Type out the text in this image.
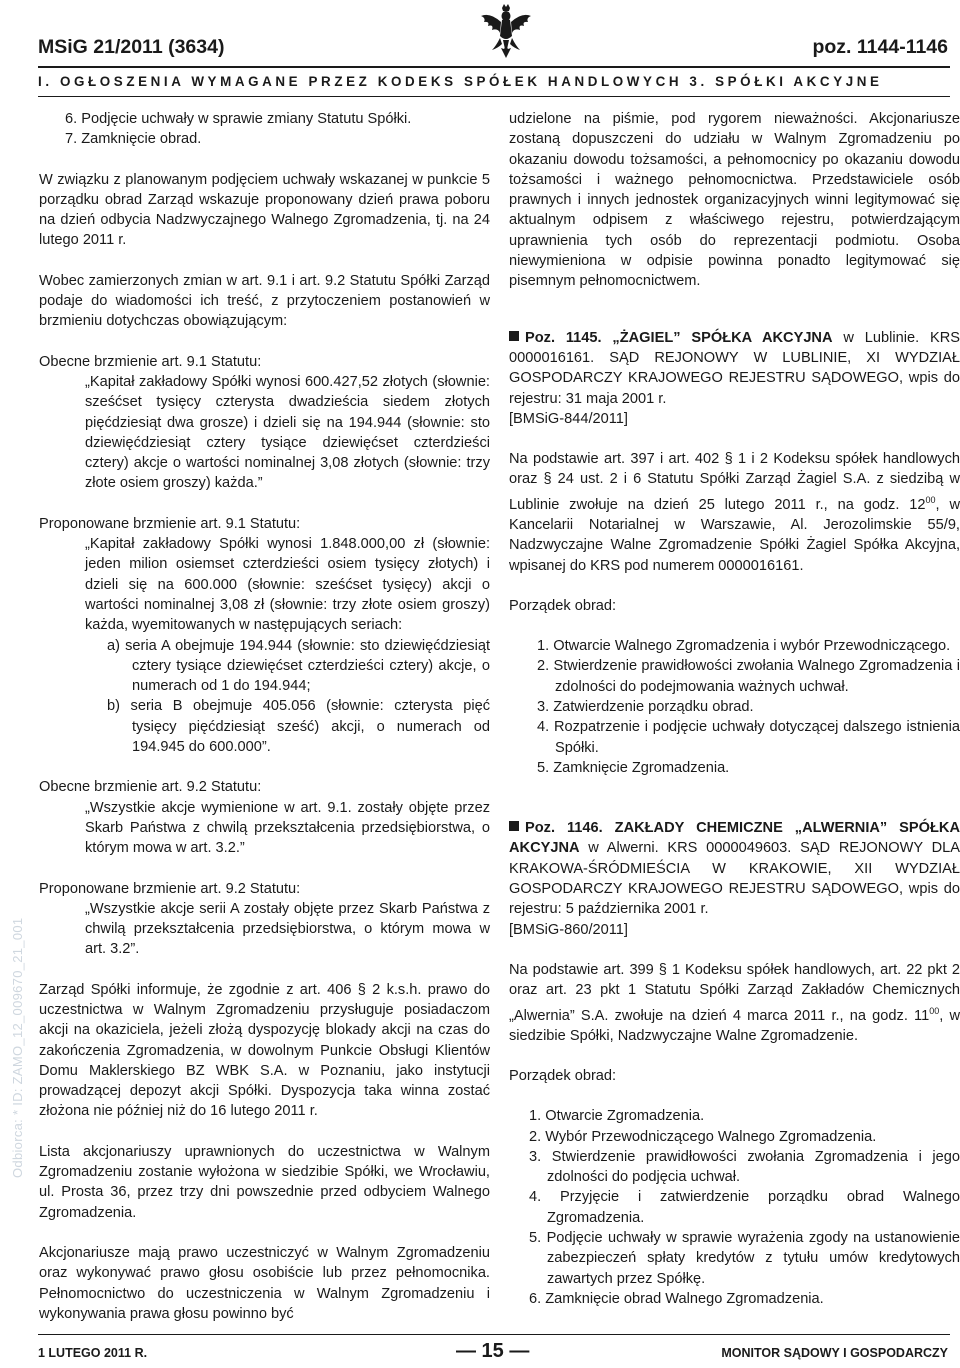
MSiG 21/2011 (3634)	poz. 1144-1146
I. OGŁOSZENIA WYMAGANE PRZEZ KODEKS SPÓŁEK HANDLOWYCH 3. SPÓŁKI AKCYJNE
Odbiorca: * ID: ZAMO_12_009670_21_001

6. Podjęcie uchwały w sprawie zmiany Statutu Spółki.

7. Zamknięcie obrad.

W związku z planowanym podjęciem uchwały wskazanej w punkcie 5 porządku obrad Zarząd wskazuje proponowany dzień prawa poboru na dzień odbycia Nadzwyczajnego Walnego Zgromadzenia, tj. na 24 lutego 2011 r.

Wobec zamierzonych zmian w art. 9.1 i art. 9.2 Statutu Spółki Zarząd podaje do wiadomości ich treść, z przytoczeniem postanowień w brzmieniu dotychczas obowiązującym:

Obecne brzmienie art. 9.1 Statutu:

„Kapitał zakładowy Spółki wynosi 600.427,52 złotych (słownie: sześćset tysięcy czterysta dwadzieścia siedem złotych pięćdziesiąt dwa grosze) i dzieli się na 194.944 (słownie: sto dziewięćdziesiąt cztery tysiące dziewięćset czterdzieści cztery) akcje o wartości nominalnej 3,08 złotych (słownie: trzy złote osiem groszy) każda.”

Proponowane brzmienie art. 9.1 Statutu:

„Kapitał zakładowy Spółki wynosi 1.848.000,00 zł (słownie: jeden milion osiemset czterdzieści osiem tysięcy złotych) i dzieli się na 600.000 (słownie: sześćset tysięcy) akcji o wartości nominalnej 3,08 zł (słownie: trzy złote osiem groszy) każda, wyemitowanych w następujących seriach:

a) seria A obejmuje 194.944 (słownie: sto dziewięćdziesiąt cztery tysiące dziewięćset czterdzieści cztery) akcje, o numerach od 1 do 194.944;

b) seria B obejmuje 405.056 (słownie: czterysta pięć tysięcy pięćdziesiąt sześć) akcji, o numerach od 194.945 do 600.000”.

Obecne brzmienie art. 9.2 Statutu:

„Wszystkie akcje wymienione w art. 9.1. zostały objęte przez Skarb Państwa z chwilą przekształcenia przedsiębiorstwa, o którym mowa w art. 3.2.”

Proponowane brzmienie art. 9.2 Statutu:

„Wszystkie akcje serii A zostały objęte przez Skarb Państwa z chwilą przekształcenia przedsiębiorstwa, o którym mowa w art. 3.2”.

Zarząd Spółki informuje, że zgodnie z art. 406 § 2 k.s.h. prawo do uczestnictwa w Walnym Zgromadzeniu przysługuje posiadaczom akcji na okaziciela, jeżeli złożą dyspozycję blokady akcji na czas do zakończenia Zgromadzenia, w dowolnym Punkcie Obsługi Klientów Domu Maklerskiego BZ WBK S.A. w Poznaniu, jako instytucji prowadzącej depozyt akcji Spółki. Dyspozycja taka winna zostać złożona nie później niż do 16 lutego 2011 r.

Lista akcjonariuszy uprawnionych do uczestnictwa w Walnym Zgromadzeniu zostanie wyłożona w siedzibie Spółki, we Wrocławiu, ul. Prosta 36, przez trzy dni powszednie przed odbyciem Walnego Zgromadzenia.

Akcjonariusze mają prawo uczestniczyć w Walnym Zgromadzeniu oraz wykonywać prawo głosu osobiście lub przez pełnomocnika. Pełnomocnictwo do uczestniczenia w Walnym Zgromadzeniu i wykonywania prawa głosu powinno być

udzielone na piśmie, pod rygorem nieważności. Akcjonariusze zostaną dopuszczeni do udziału w Walnym Zgromadzeniu po okazaniu dowodu tożsamości, a pełnomocnicy po okazaniu dowodu tożsamości i ważnego pełnomocnictwa. Przedstawiciele osób prawnych i innych jednostek organizacyjnych winni legitymować się aktualnym odpisem z właściwego rejestru, potwierdzającym uprawnienia tych osób do reprezentacji podmiotu. Osoba niewymieniona w odpisie powinna ponadto legitymować się pisemnym pełnomocnictwem.

Poz. 1145. „ŻAGIEL” SPÓŁKA AKCYJNA w Lublinie. KRS 0000016161. SĄD REJONOWY W LUBLINIE, XI WYDZIAŁ GOSPODARCZY KRAJOWEGO REJESTRU SĄDOWEGO, wpis do rejestru: 31 maja 2001 r.

[BMSiG-844/2011]

Na podstawie art. 397 i art. 402 § 1 i 2 Kodeksu spółek handlowych oraz § 24 ust. 2 i 6 Statutu Spółki Zarząd Żagiel S.A. z siedzibą w Lublinie zwołuje na dzień 25 lutego 2011 r., na godz. $12^{00}$, w Kancelarii Notarialnej w Warszawie, Al. Jerozolimskie 55/9, Nadzwyczajne Walne Zgromadzenie Spółki Żagiel Spółka Akcyjna, wpisanej do KRS pod numerem 0000016161.

Porządek obrad:

1. Otwarcie Walnego Zgromadzenia i wybór Przewodniczącego.

2. Stwierdzenie prawidłowości zwołania Walnego Zgromadzenia i zdolności do podejmowania ważnych uchwał.

3. Zatwierdzenie porządku obrad.

4. Rozpatrzenie i podjęcie uchwały dotyczącej dalszego istnienia Spółki.

5. Zamknięcie Zgromadzenia.

Poz. 1146. ZAKŁADY CHEMICZNE „ALWERNIA” SPÓŁKA AKCYJNA w Alwerni. KRS 0000049603. SĄD REJONOWY DLA KRAKOWA-ŚRÓDMIEŚCIA W KRAKOWIE, XII WYDZIAŁ GOSPODARCZY KRAJOWEGO REJESTRU SĄDOWEGO, wpis do rejestru: 5 października 2001 r.

[BMSiG-860/2011]

Na podstawie art. 399 § 1 Kodeksu spółek handlowych, art. 22 pkt 2 oraz art. 23 pkt 1 Statutu Spółki Zarząd Zakładów Chemicznych „Alwernia” S.A. zwołuje na dzień 4 marca 2011 r., na godz. $11^{00}$, w siedzibie Spółki, Nadzwyczajne Walne Zgromadzenie.

Porządek obrad:

1. Otwarcie Zgromadzenia.

2. Wybór Przewodniczącego Walnego Zgromadzenia.

3. Stwierdzenie prawidłowości zwołania Zgromadzenia i jego zdolności do podjęcia uchwał.

4. Przyjęcie i zatwierdzenie porządku obrad Walnego Zgromadzenia.

5. Podjęcie uchwały w sprawie wyrażenia zgody na ustanowienie zabezpieczeń spłaty kredytów z tytułu umów kredytowych zawartych przez Spółkę.

6. Zamknięcie obrad Walnego Zgromadzenia.

1 LUTEGO 2011 R.	— 15 —	MONITOR SĄDOWY I GOSPODARCZY
